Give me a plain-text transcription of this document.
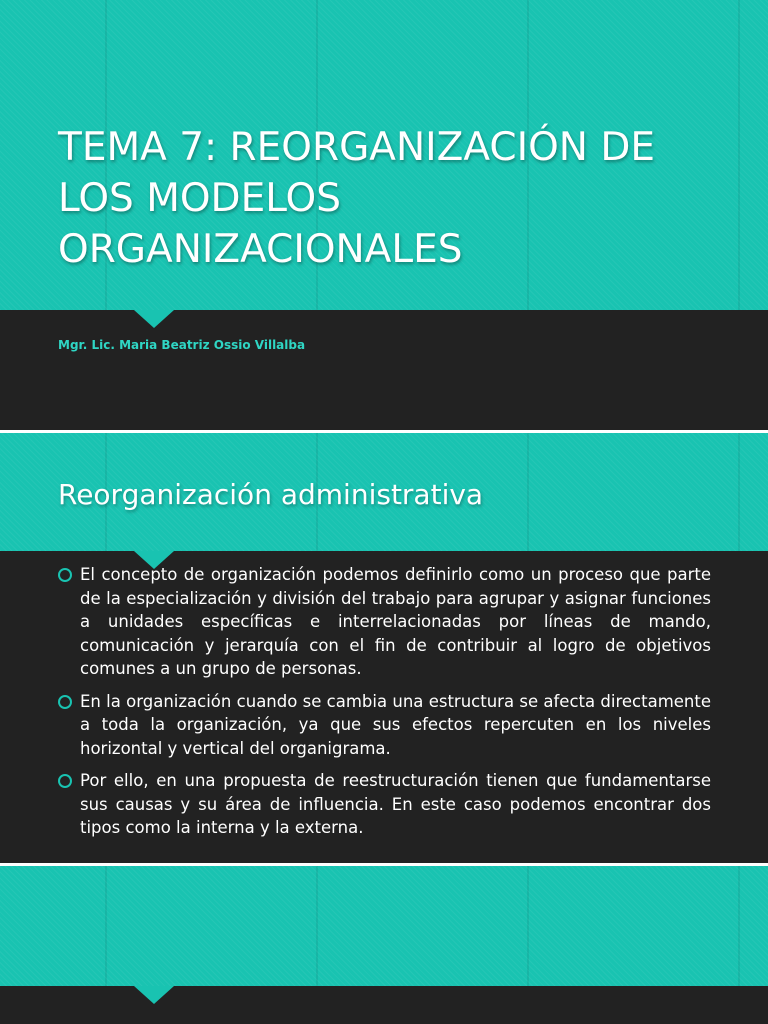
TEMA 7: REORGANIZACIÓN DE LOS MODELOS ORGANIZACIONALES

Mgr. Lic. Maria Beatriz Ossio Villalba

Reorganización administrativa
El concepto de organización podemos definirlo como un proceso que parte de la especialización y división del trabajo para agrupar y asignar funciones a unidades específicas e interrelacionadas por líneas de mando, comunicación y jerarquía con el fin de contribuir al logro de objetivos comunes a un grupo de personas.
En la organización cuando se cambia una estructura se afecta directamente a toda la organización, ya que sus efectos repercuten en los niveles horizontal y vertical del organigrama.
Por ello, en una propuesta de reestructuración tienen que fundamentarse sus causas y su área de influencia. En este caso podemos encontrar dos tipos como la interna y la externa.
